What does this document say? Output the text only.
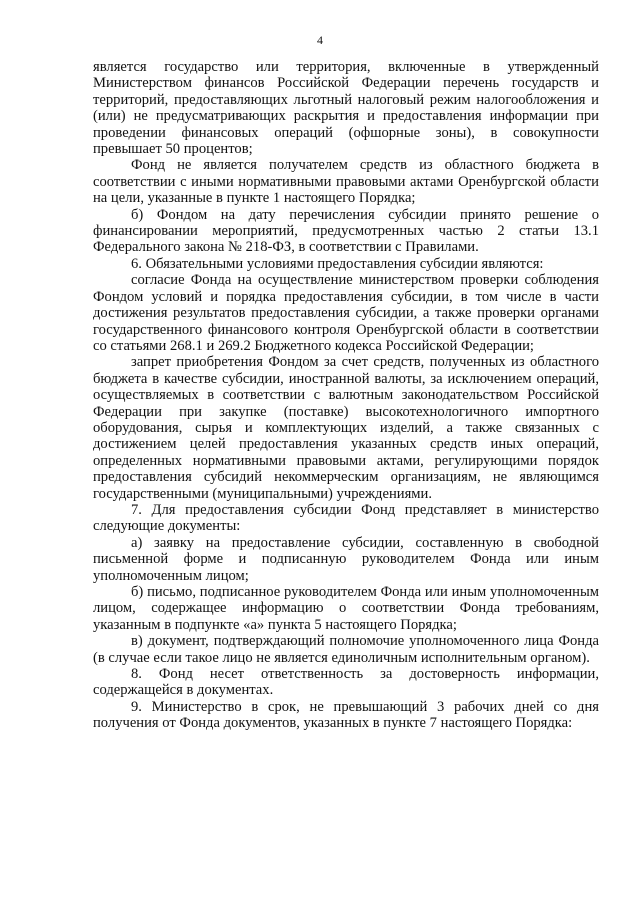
4

является государство или территория, включенные в утвержденный Министерством финансов Российской Федерации перечень государств и территорий, предоставляющих льготный налоговый режим налогообложения и (или) не предусматривающих раскрытия и предоставления информации при проведении финансовых операций (офшорные зоны), в совокупности превышает 50 процентов;

Фонд не является получателем средств из областного бюджета в соответствии с иными нормативными правовыми актами Оренбургской области на цели, указанные в пункте 1 настоящего Порядка;

б) Фондом на дату перечисления субсидии принято решение о финансировании мероприятий, предусмотренных частью 2 статьи 13.1 Федерального закона № 218-ФЗ, в соответствии с Правилами.

6. Обязательными условиями предоставления субсидии являются:

согласие Фонда на осуществление министерством проверки соблюдения Фондом условий и порядка предоставления субсидии, в том числе в части достижения результатов предоставления субсидии, а также проверки органами государственного финансового контроля Оренбургской области в соответствии со статьями 268.1 и 269.2 Бюджетного кодекса Российской Федерации;

запрет приобретения Фондом за счет средств, полученных из областного бюджета в качестве субсидии, иностранной валюты, за исключением операций, осуществляемых в соответствии с валютным законодательством Российской Федерации при закупке (поставке) высокотехнологичного импортного оборудования, сырья и комплектующих изделий, а также связанных с достижением целей предоставления указанных средств иных операций, определенных нормативными правовыми актами, регулирующими порядок предоставления субсидий некоммерческим организациям, не являющимся государственными (муниципальными) учреждениями.

7. Для предоставления субсидии Фонд представляет в министерство следующие документы:

а) заявку на предоставление субсидии, составленную в свободной письменной форме и подписанную руководителем Фонда или иным уполномоченным лицом;

б) письмо, подписанное руководителем Фонда или иным уполномоченным лицом, содержащее информацию о соответствии Фонда требованиям, указанным в подпункте «а» пункта 5 настоящего Порядка;

в) документ, подтверждающий полномочие уполномоченного лица Фонда (в случае если такое лицо не является единоличным исполнительным органом).

8. Фонд несет ответственность за достоверность информации, содержащейся в документах.

9. Министерство в срок, не превышающий 3 рабочих дней со дня получения от Фонда документов, указанных в пункте 7 настоящего Порядка:
